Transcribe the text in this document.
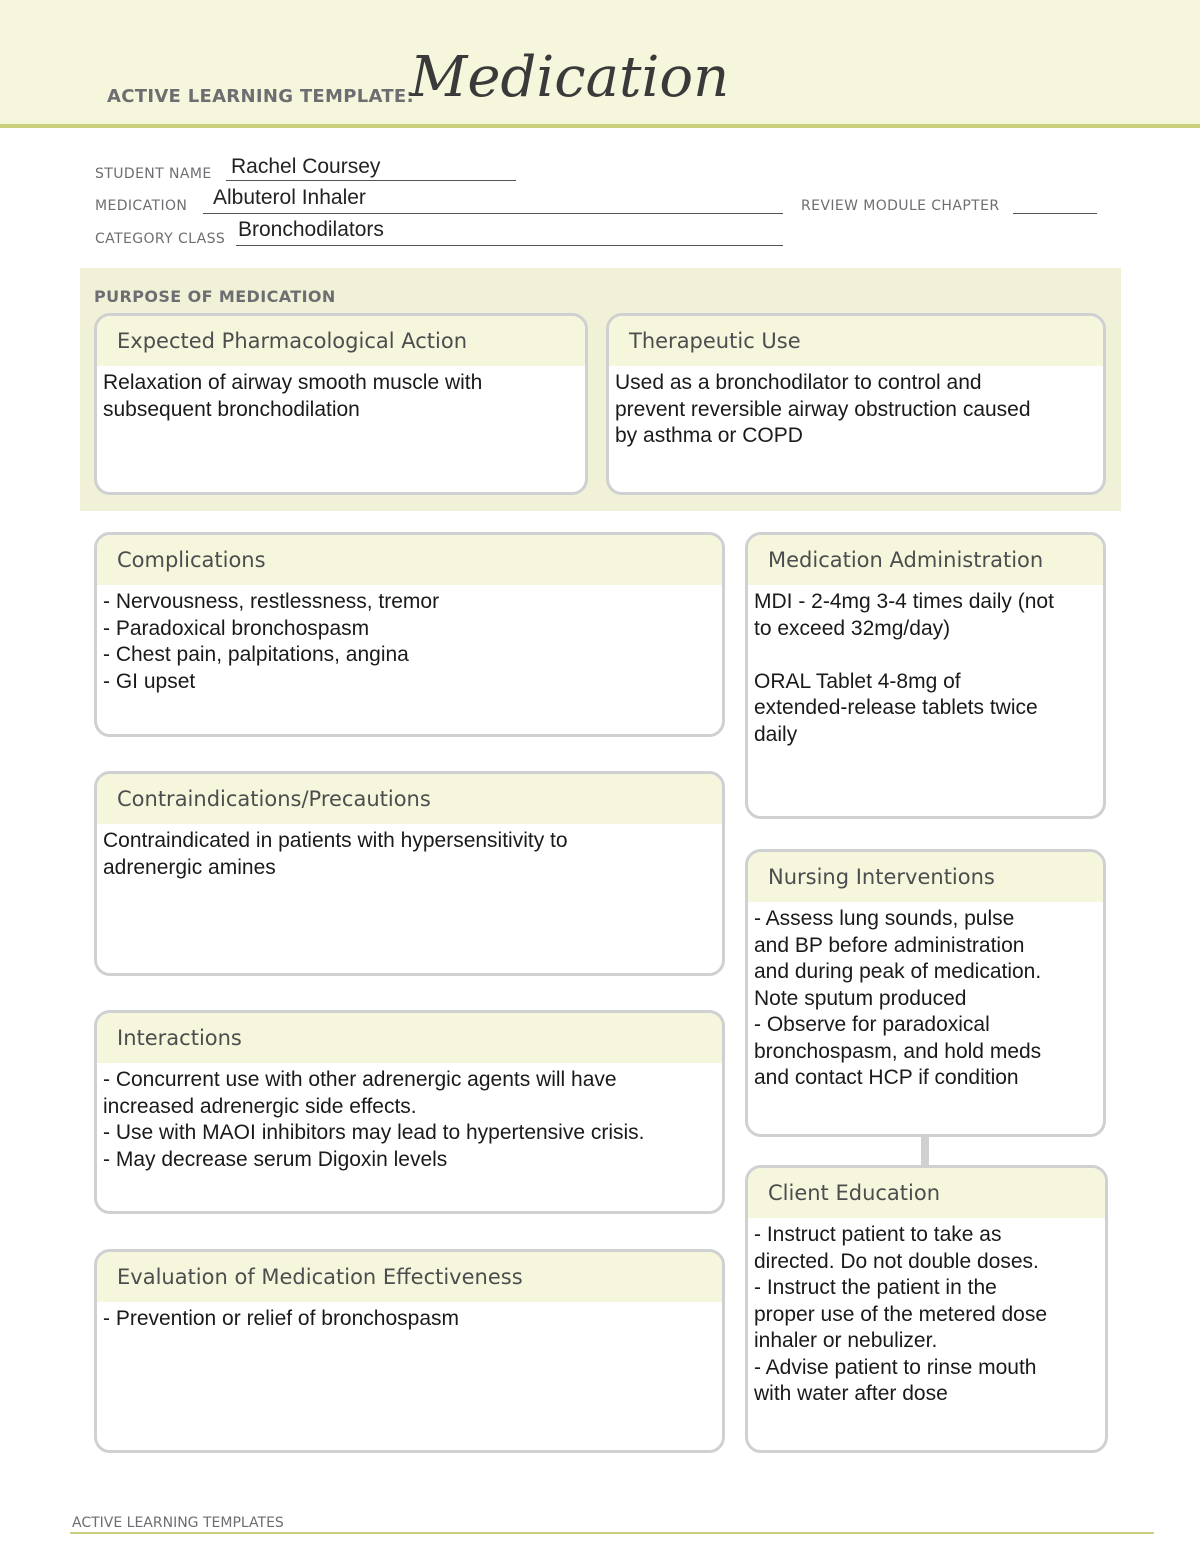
ACTIVE LEARNING TEMPLATE:
Medication
STUDENT NAME Rachel Coursey
MEDICATION Albuterol Inhaler	REVIEW MODULE CHAPTER
CATEGORY CLASS Bronchodilators
PURPOSE OF MEDICATION
Expected Pharmacological Action
Relaxation of airway smooth muscle with
subsequent bronchodilation
Therapeutic Use
Used as a bronchodilator to control and
prevent reversible airway obstruction caused
by asthma or COPD
Complications
- Nervousness, restlessness, tremor
- Paradoxical bronchospasm
- Chest pain, palpitations, angina
- GI upset
Contraindications/Precautions
Contraindicated in patients with hypersensitivity to
adrenergic amines
Interactions
- Concurrent use with other adrenergic agents will have
increased adrenergic side effects.
- Use with MAOI inhibitors may lead to hypertensive crisis.
- May decrease serum Digoxin levels
Evaluation of Medication Effectiveness
- Prevention or relief of bronchospasm
Medication Administration
MDI - 2-4mg 3-4 times daily (not
to exceed 32mg/day)

ORAL Tablet 4-8mg of
extended-release tablets twice
daily
Nursing Interventions
- Assess lung sounds, pulse
and BP before administration
and during peak of medication.
Note sputum produced
- Observe for paradoxical
bronchospasm, and hold meds
and contact HCP if condition
Client Education
- Instruct patient to take as
directed. Do not double doses.
- Instruct the patient in the
proper use of the metered dose
inhaler or nebulizer.
- Advise patient to rinse mouth
with water after dose
ACTIVE LEARNING TEMPLATES
